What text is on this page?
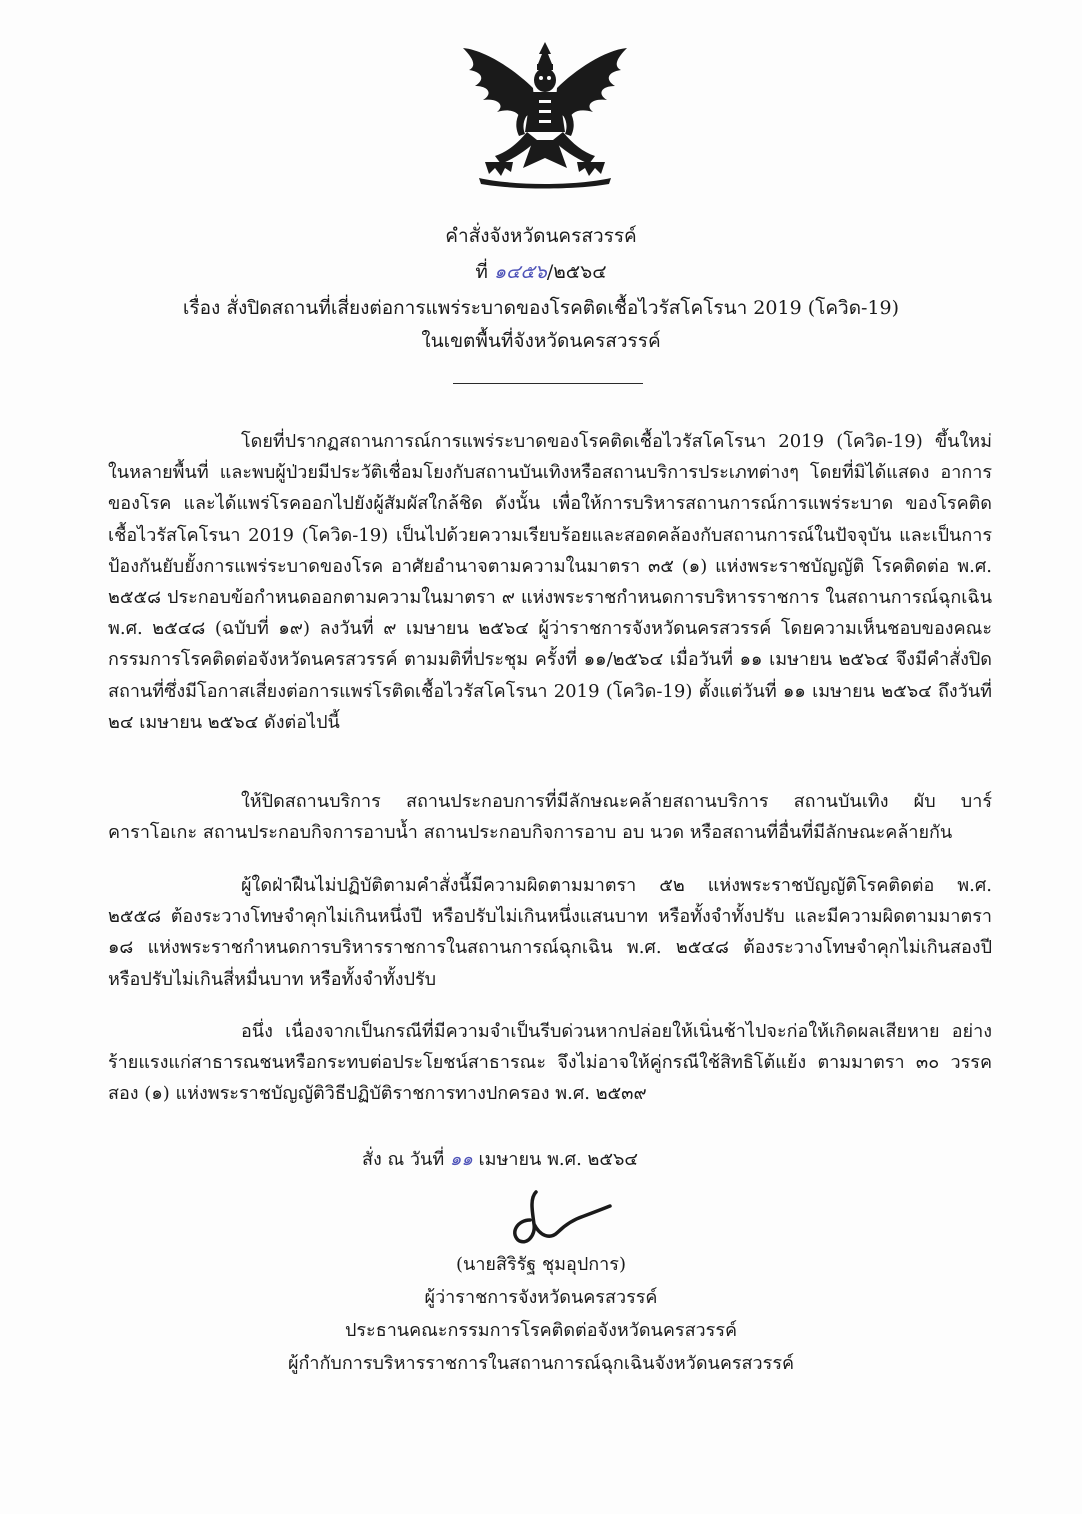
คำสั่งจังหวัดนครสวรรค์
ที่ ๑๔๕๖/๒๕๖๔
เรื่อง สั่งปิดสถานที่เสี่ยงต่อการแพร่ระบาดของโรคติดเชื้อไวรัสโคโรนา 2019 (โควิด-19)
ในเขตพื้นที่จังหวัดนครสวรรค์

โดยที่ปรากฏสถานการณ์การแพร่ระบาดของโรคติดเชื้อไวรัสโคโรนา 2019 (โควิด-19) ขึ้นใหม่ ในหลายพื้นที่ และพบผู้ป่วยมีประวัติเชื่อมโยงกับสถานบันเทิงหรือสถานบริการประเภทต่างๆ โดยที่มิได้แสดง อาการของโรค และได้แพร่โรคออกไปยังผู้สัมผัสใกล้ชิด ดังนั้น เพื่อให้การบริหารสถานการณ์การแพร่ระบาด ของโรคติดเชื้อไวรัสโคโรนา 2019 (โควิด-19) เป็นไปด้วยความเรียบร้อยและสอดคล้องกับสถานการณ์ในปัจจุบัน และเป็นการป้องกันยับยั้งการแพร่ระบาดของโรค อาศัยอำนาจตามความในมาตรา ๓๕ (๑) แห่งพระราชบัญญัติ โรคติดต่อ พ.ศ. ๒๕๕๘ ประกอบข้อกำหนดออกตามความในมาตรา ๙ แห่งพระราชกำหนดการบริหารราชการ ในสถานการณ์ฉุกเฉิน พ.ศ. ๒๕๔๘ (ฉบับที่ ๑๙) ลงวันที่ ๙ เมษายน ๒๕๖๔ ผู้ว่าราชการจังหวัดนครสวรรค์ โดยความเห็นชอบของคณะกรรมการโรคติดต่อจังหวัดนครสวรรค์ ตามมติที่ประชุม ครั้งที่ ๑๑/๒๕๖๔ เมื่อวันที่ ๑๑ เมษายน ๒๕๖๔ จึงมีคำสั่งปิดสถานที่ซึ่งมีโอกาสเสี่ยงต่อการแพร่โรติดเชื้อไวรัสโคโรนา 2019 (โควิด-19) ตั้งแต่วันที่ ๑๑ เมษายน ๒๕๖๔ ถึงวันที่ ๒๔ เมษายน ๒๕๖๔ ดังต่อไปนี้

ให้ปิดสถานบริการ สถานประกอบการที่มีลักษณะคล้ายสถานบริการ สถานบันเทิง ผับ บาร์ คาราโอเกะ สถานประกอบกิจการอาบน้ำ สถานประกอบกิจการอาบ อบ นวด หรือสถานที่อื่นที่มีลักษณะคล้ายกัน

ผู้ใดฝ่าฝืนไม่ปฏิบัติตามคำสั่งนี้มีความผิดตามมาตรา ๕๒ แห่งพระราชบัญญัติโรคติดต่อ พ.ศ. ๒๕๕๘ ต้องระวางโทษจำคุกไม่เกินหนึ่งปี หรือปรับไม่เกินหนึ่งแสนบาท หรือทั้งจำทั้งปรับ และมีความผิดตามมาตรา ๑๘ แห่งพระราชกำหนดการบริหารราชการในสถานการณ์ฉุกเฉิน พ.ศ. ๒๕๔๘ ต้องระวางโทษจำคุกไม่เกินสองปี หรือปรับไม่เกินสี่หมื่นบาท หรือทั้งจำทั้งปรับ

อนึ่ง เนื่องจากเป็นกรณีที่มีความจำเป็นรีบด่วนหากปล่อยให้เนิ่นช้าไปจะก่อให้เกิดผลเสียหาย อย่างร้ายแรงแก่สาธารณชนหรือกระทบต่อประโยชน์สาธารณะ จึงไม่อาจให้คู่กรณีใช้สิทธิโต้แย้ง ตามมาตรา ๓๐ วรรคสอง (๑) แห่งพระราชบัญญัติวิธีปฏิบัติราชการทางปกครอง พ.ศ. ๒๕๓๙

สั่ง ณ วันที่ ๑๑ เมษายน พ.ศ. ๒๕๖๔
(นายสิริรัฐ ชุมอุปการ)
ผู้ว่าราชการจังหวัดนครสวรรค์
ประธานคณะกรรมการโรคติดต่อจังหวัดนครสวรรค์
ผู้กำกับการบริหารราชการในสถานการณ์ฉุกเฉินจังหวัดนครสวรรค์
